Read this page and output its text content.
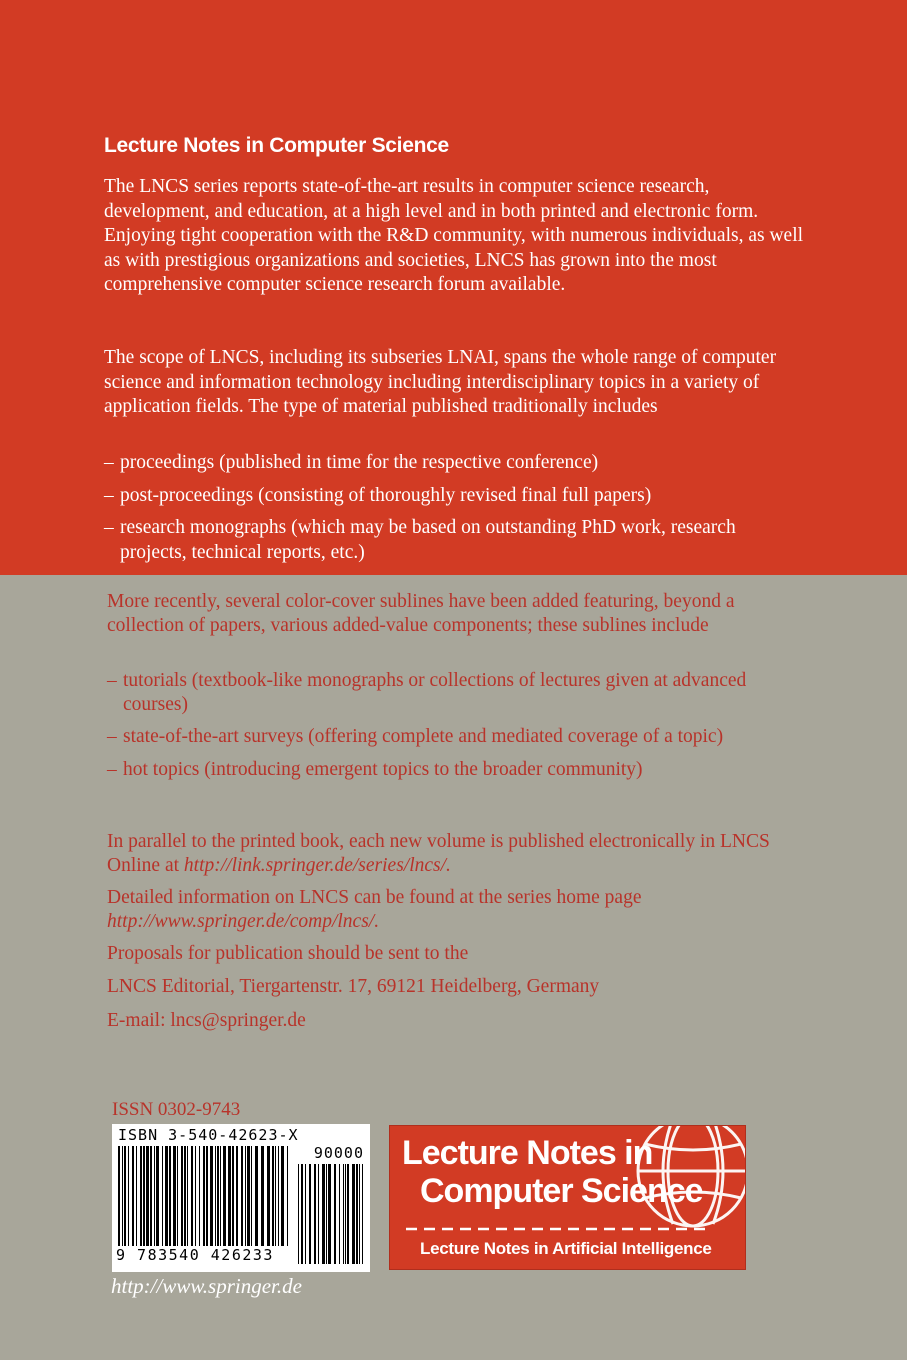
Lecture Notes in Computer Science
The LNCS series reports state-of-the-art results in computer science research, development, and education, at a high level and in both printed and electronic form. Enjoying tight cooperation with the R&D community, with numerous individuals, as well as with prestigious organizations and societies, LNCS has grown into the most comprehensive computer science research forum available.
The scope of LNCS, including its subseries LNAI, spans the whole range of computer science and information technology including interdisciplinary topics in a variety of application fields. The type of material published traditionally includes
– proceedings (published in time for the respective conference)
– post-proceedings (consisting of thoroughly revised final full papers)
– research monographs (which may be based on outstanding PhD work, research projects, technical reports, etc.)
More recently, several color-cover sublines have been added featuring, beyond a collection of papers, various added-value components; these sublines include
– tutorials (textbook-like monographs or collections of lectures given at advanced courses)
– state-of-the-art surveys (offering complete and mediated coverage of a topic)
– hot topics (introducing emergent topics to the broader community)
In parallel to the printed book, each new volume is published electronically in LNCS Online at http://link.springer.de/series/lncs/.
Detailed information on LNCS can be found at the series home page
http://www.springer.de/comp/lncs/.
Proposals for publication should be sent to the
LNCS Editorial, Tiergartenstr. 17, 69121 Heidelberg, Germany
E-mail: lncs@springer.de
ISSN 0302-9743
ISBN 3-540-42623-X
90000
9 783540 426233
http://www.springer.de
Lecture Notes in
Computer Science
Lecture Notes in Artificial Intelligence
